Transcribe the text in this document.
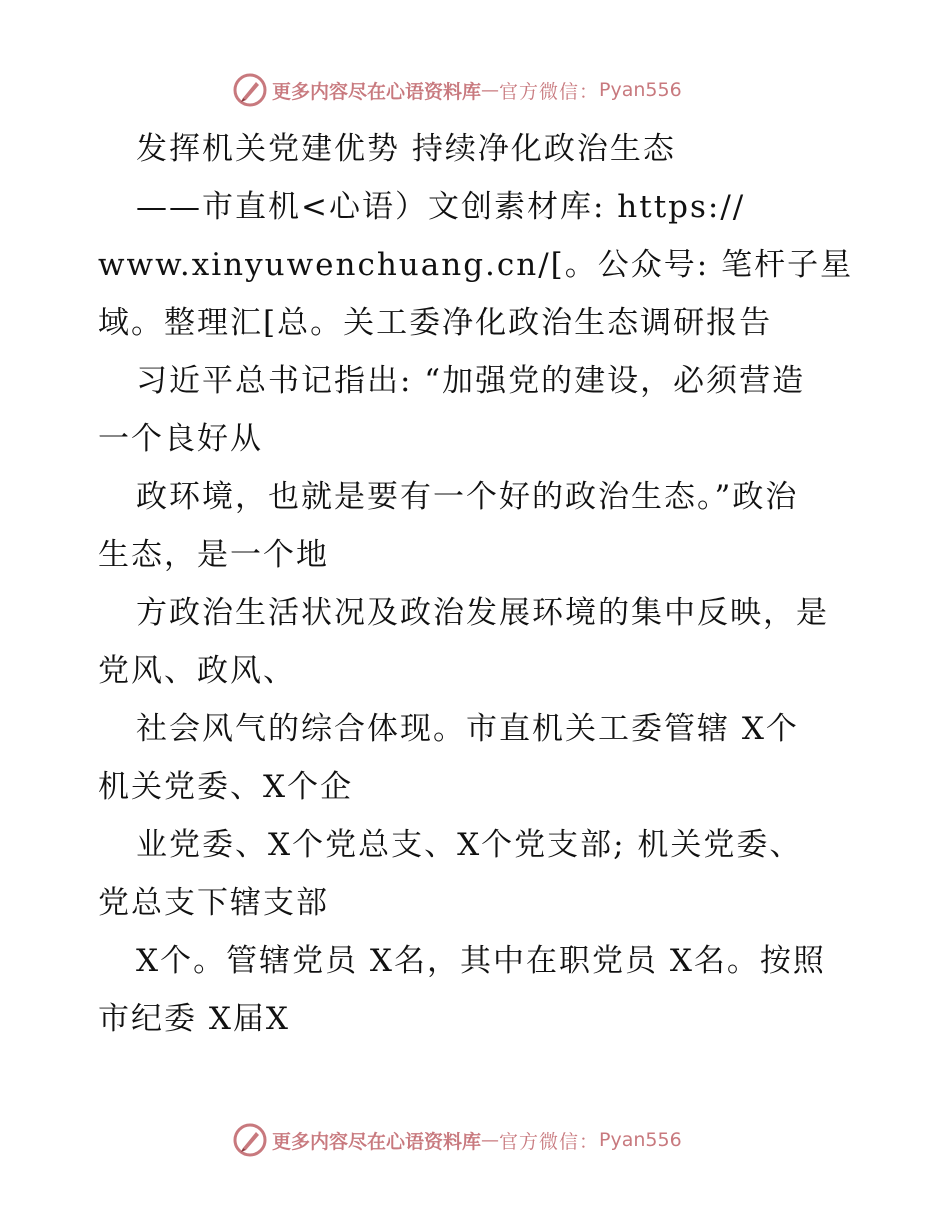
更多内容尽在心语资料库 — 官方微信： Pyan556
发挥机关党建优势 持续净化政治生态
——市直机<心语）文创素材库: https://
www.xinyuwenchuang.cn/[。公众号: 笔杆子星
域。整理汇[总。关工委净化政治生态调研报告
习近平总书记指出: “加强党的建设，必须营造
一个良好从
政环境，也就是要有一个好的政治生态。”政治
生态，是一个地
方政治生活状况及政治发展环境的集中反映，是
党风、政风、
社会风气的综合体现。市直机关工委管辖 X个
机关党委、X个企
业党委、X个党总支、X个党支部; 机关党委、
党总支下辖支部
X个。管辖党员 X名，其中在职党员 X名。按照
市纪委 X届X
更多内容尽在心语资料库 — 官方微信： Pyan556
